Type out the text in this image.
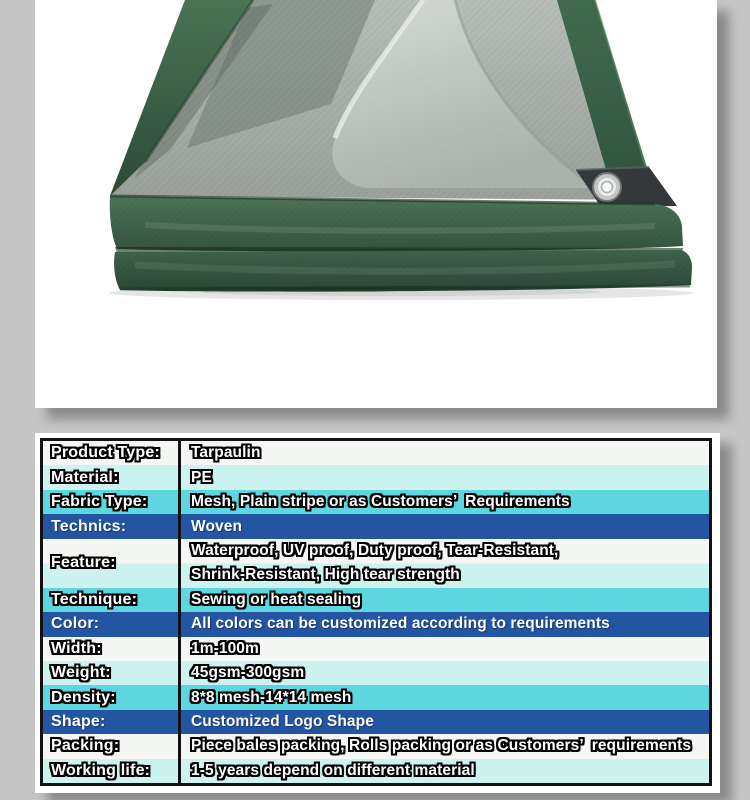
Product Type:	Tarpaulin
Material:	PE
Fabric Type:	Mesh, Plain stripe or as Customers’  Requirements
Technics:	Woven
Feature:
Waterproof, UV proof, Duty proof, Tear-Resistant,
Shrink-Resistant, High tear strength
Technique:	Sewing or heat sealing
Color:	All colors can be customized according to requirements
Width:	1m-100m
Weight:	45gsm-300gsm
Density:	8*8 mesh-14*14 mesh
Shape:	Customized Logo Shape
Packing:	Piece bales packing, Rolls packing or as Customers’  requirements
Working life:	1-5 years depend on different material
